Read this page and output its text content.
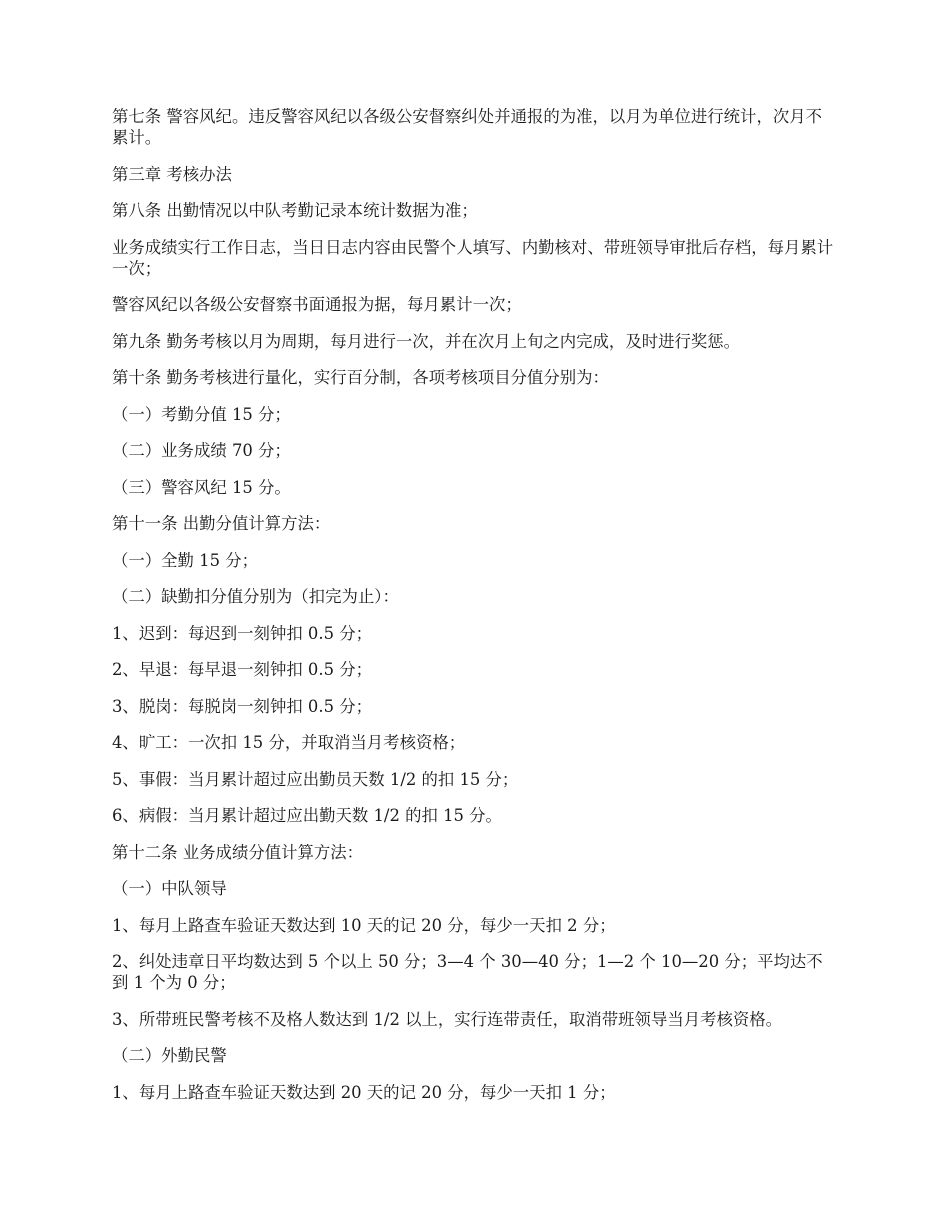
第七条 警容风纪。违反警容风纪以各级公安督察纠处并通报的为准，以月为单位进行统计，次月不累计。

第三章 考核办法

第八条 出勤情况以中队考勤记录本统计数据为准；

业务成绩实行工作日志，当日日志内容由民警个人填写、内勤核对、带班领导审批后存档，每月累计一次；

警容风纪以各级公安督察书面通报为据，每月累计一次；

第九条 勤务考核以月为周期，每月进行一次，并在次月上旬之内完成，及时进行奖惩。

第十条 勤务考核进行量化，实行百分制，各项考核项目分值分别为：

（一）考勤分值 15 分；

（二）业务成绩 70 分；

（三）警容风纪 15 分。

第十一条 出勤分值计算方法：

（一）全勤 15 分；

（二）缺勤扣分值分别为（扣完为止）：

1、迟到：每迟到一刻钟扣 0.5 分；

2、早退：每早退一刻钟扣 0.5 分；

3、脱岗：每脱岗一刻钟扣 0.5 分；

4、旷工：一次扣 15 分，并取消当月考核资格；

5、事假：当月累计超过应出勤员天数 1/2 的扣 15 分；

6、病假：当月累计超过应出勤天数 1/2 的扣 15 分。

第十二条 业务成绩分值计算方法：

（一）中队领导

1、每月上路查车验证天数达到 10 天的记 20 分，每少一天扣 2 分；

2、纠处违章日平均数达到 5 个以上 50 分；3—4 个 30—40 分；1—2 个 10—20 分；平均达不到 1 个为 0 分；

3、所带班民警考核不及格人数达到 1/2 以上，实行连带责任，取消带班领导当月考核资格。

（二）外勤民警

1、每月上路查车验证天数达到 20 天的记 20 分，每少一天扣 1 分；
